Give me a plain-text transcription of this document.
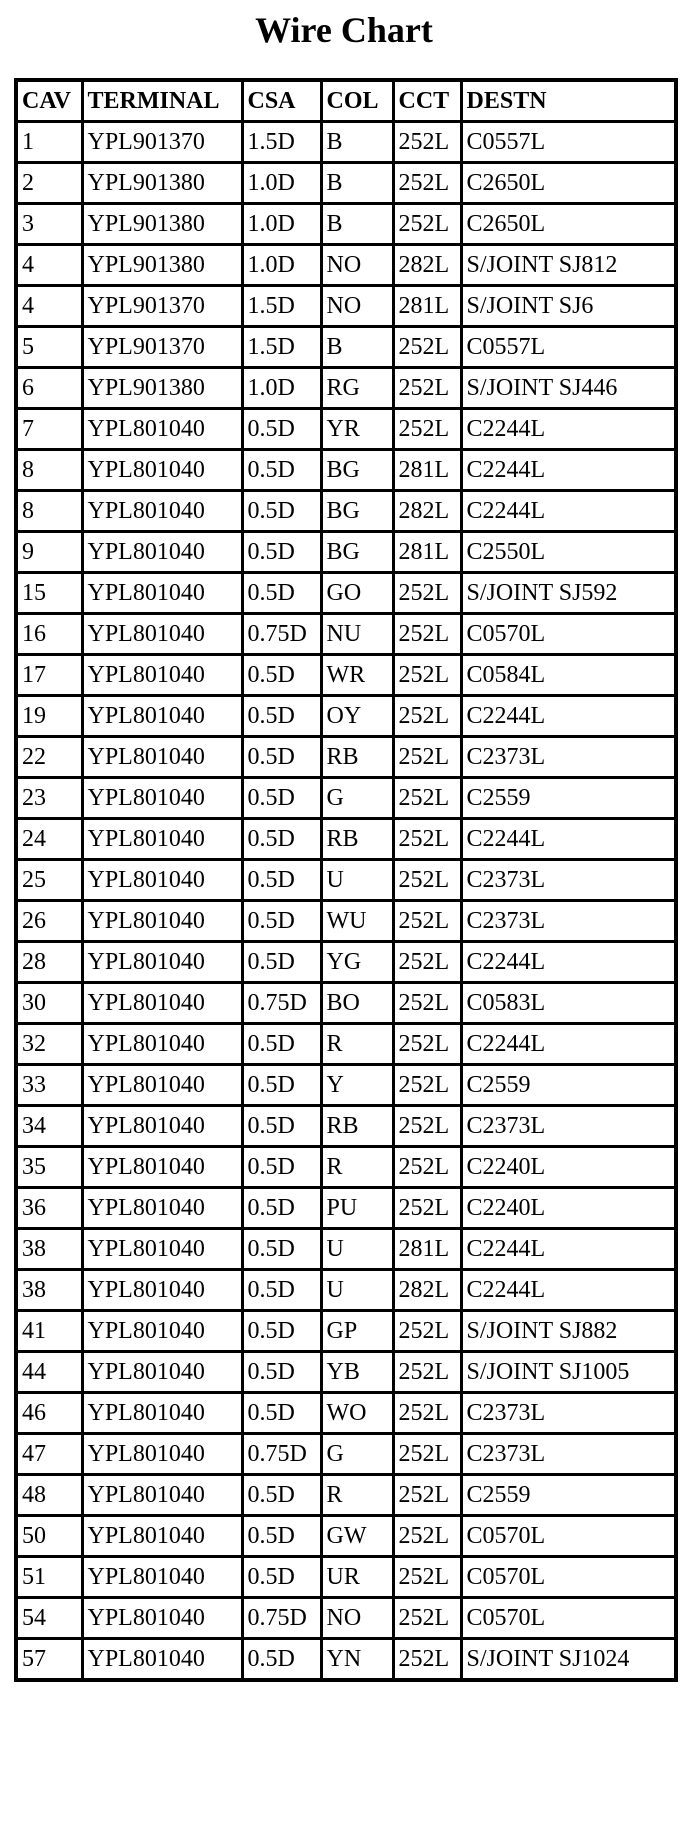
Wire Chart
CAV	TERMINAL	CSA	COL	CCT	DESTN
1	YPL901370	1.5D	B	252L	C0557L
2	YPL901380	1.0D	B	252L	C2650L
3	YPL901380	1.0D	B	252L	C2650L
4	YPL901380	1.0D	NO	282L	S/JOINT SJ812
4	YPL901370	1.5D	NO	281L	S/JOINT SJ6
5	YPL901370	1.5D	B	252L	C0557L
6	YPL901380	1.0D	RG	252L	S/JOINT SJ446
7	YPL801040	0.5D	YR	252L	C2244L
8	YPL801040	0.5D	BG	281L	C2244L
8	YPL801040	0.5D	BG	282L	C2244L
9	YPL801040	0.5D	BG	281L	C2550L
15	YPL801040	0.5D	GO	252L	S/JOINT SJ592
16	YPL801040	0.75D	NU	252L	C0570L
17	YPL801040	0.5D	WR	252L	C0584L
19	YPL801040	0.5D	OY	252L	C2244L
22	YPL801040	0.5D	RB	252L	C2373L
23	YPL801040	0.5D	G	252L	C2559
24	YPL801040	0.5D	RB	252L	C2244L
25	YPL801040	0.5D	U	252L	C2373L
26	YPL801040	0.5D	WU	252L	C2373L
28	YPL801040	0.5D	YG	252L	C2244L
30	YPL801040	0.75D	BO	252L	C0583L
32	YPL801040	0.5D	R	252L	C2244L
33	YPL801040	0.5D	Y	252L	C2559
34	YPL801040	0.5D	RB	252L	C2373L
35	YPL801040	0.5D	R	252L	C2240L
36	YPL801040	0.5D	PU	252L	C2240L
38	YPL801040	0.5D	U	281L	C2244L
38	YPL801040	0.5D	U	282L	C2244L
41	YPL801040	0.5D	GP	252L	S/JOINT SJ882
44	YPL801040	0.5D	YB	252L	S/JOINT SJ1005
46	YPL801040	0.5D	WO	252L	C2373L
47	YPL801040	0.75D	G	252L	C2373L
48	YPL801040	0.5D	R	252L	C2559
50	YPL801040	0.5D	GW	252L	C0570L
51	YPL801040	0.5D	UR	252L	C0570L
54	YPL801040	0.75D	NO	252L	C0570L
57	YPL801040	0.5D	YN	252L	S/JOINT SJ1024
